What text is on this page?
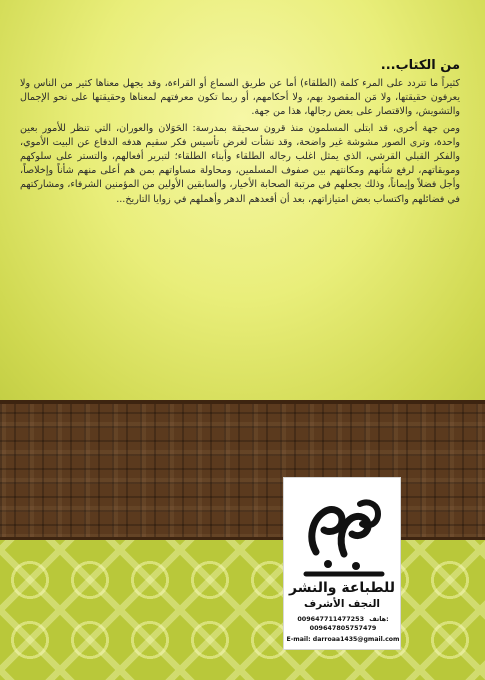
من الكتاب...

كثيراً ما تتردد على المرء كلمة (الطلقاء) أما عن طريق السماع أو القراءة، وقد يجهل معناها كثير من الناس ولا يعرفون حقيقتها، ولا مَن المقصود بهم، ولا أحكامهم، أو ربما تكون معرفتهم لمعناها وحقيقتها على نحو الإجمال والتشويش، والاقتصار على بعض رجالها، هذا من جهة.

ومن جهة أخرى، قد ابتلى المسلمون منذ قرون سحيقة بمدرسة: الحَوَلان والعوران، التي تنظر للأمور بعين واحدة، وترى الصور مشوشة غير واضحة، وقد نشأت لغرض تأسيس فكر سقيم هدفه الدفاع عن البيت الأموي، والفكر القبلي القرشي، الذي يمثل اغلب رجاله الطلقاء وأبناء الطلقاء؛ لتبرير أفعالهم، والتستر على سلوكهم وموبقاتهم، لرفع شأنهم ومكانتهم بين صفوف المسلمين، ومحاولة مساواتهم بمن هم أعلى منهم شأناً وإخلاصاً، وأجل فضلاً وإيماناً، وذلك بجعلهم في مرتبة الصحابة الأخيار، والسابقين الأولين من المؤمنين الشرفاء، ومشاركتهم في فضائلهم واكتساب بعض امتيازاتهم، بعد أن أقعدهم الدهر وأهملهم في زوايا التاريخ...

للطباعة والنشر
النجف الأشرف
009647711477253 هاتف:
009647805757479
E-mail: darroaa1435@gmail.com
